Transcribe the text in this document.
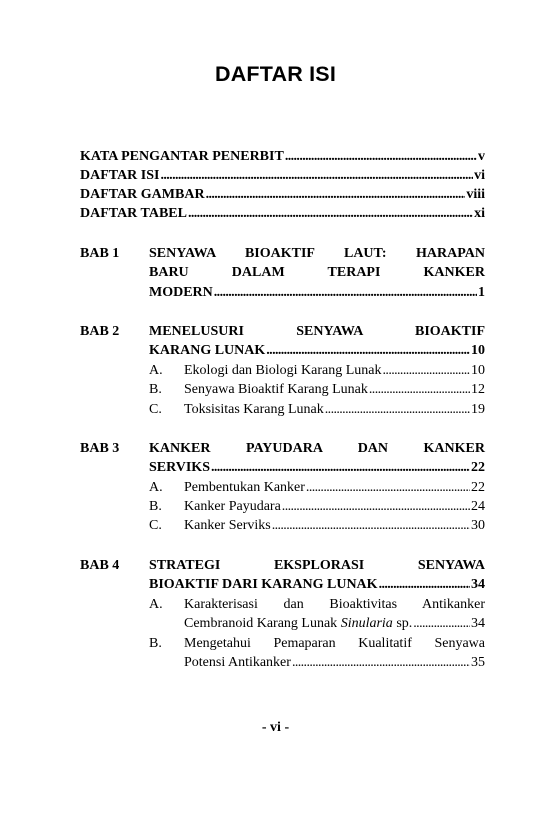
DAFTAR ISI
KATA PENGANTAR PENERBIT . . .	v
DAFTAR ISI . . .	vi
DAFTAR GAMBAR . . .	viii
DAFTAR TABEL . . .	xi
BAB 1 SENYAWA BIOAKTIF LAUT: HARAPAN
BARU DALAM TERAPI KANKER
MODERN . . .	1
BAB 2 MENELUSURI SENYAWA BIOAKTIF
KARANG LUNAK . . .	10
A. Ekologi dan Biologi Karang Lunak . . .	10
B. Senyawa Bioaktif Karang Lunak . . .	12
C. Toksisitas Karang Lunak . . .	19
BAB 3 KANKER PAYUDARA DAN KANKER
SERVIKS . . .	22
A. Pembentukan Kanker . . .	22
B. Kanker Payudara . . .	24
C. Kanker Serviks . . .	30
BAB 4 STRATEGI EKSPLORASI SENYAWA
BIOAKTIF DARI KARANG LUNAK . . .	34
A. Karakterisasi dan Bioaktivitas Antikanker
Cembranoid Karang Lunak Sinularia sp. . . .	34
B. Mengetahui Pemaparan Kualitatif Senyawa
Potensi Antikanker . . .	35
- vi -
